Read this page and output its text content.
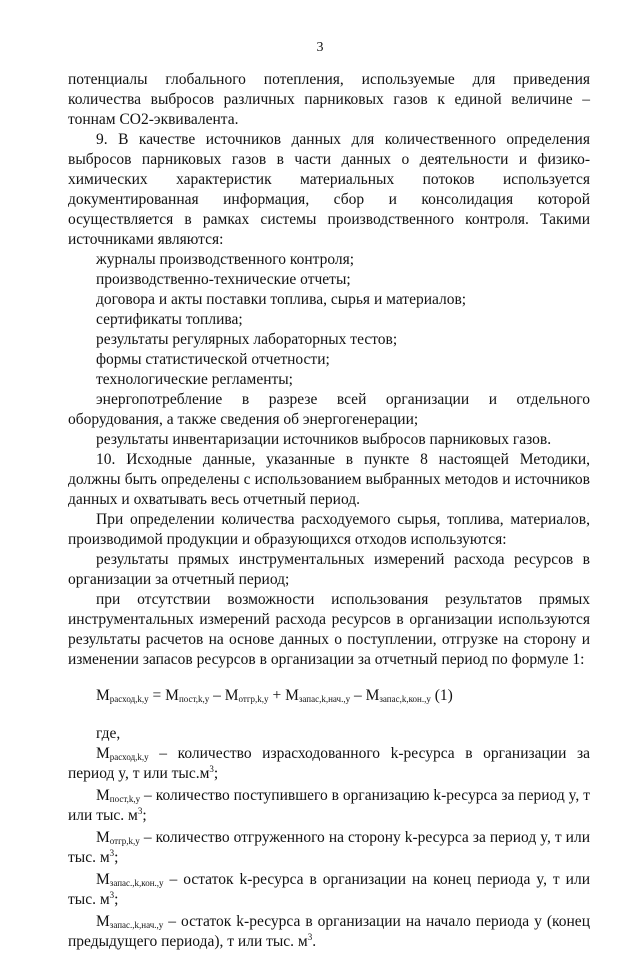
3

потенциалы глобального потепления, используемые для приведения количества выбросов различных парниковых газов к единой величине – тоннам CO2-эквивалента.

9. В качестве источников данных для количественного определения выбросов парниковых газов в части данных о деятельности и физико-химических характеристик материальных потоков используется документированная информация, сбор и консолидация которой осуществляется в рамках системы производственного контроля. Такими источниками являются:

журналы производственного контроля;

производственно-технические отчеты;

договора и акты поставки топлива, сырья и материалов;

сертификаты топлива;

результаты регулярных лабораторных тестов;

формы статистической отчетности;

технологические регламенты;

энергопотребление в разрезе всей организации и отдельного оборудования, а также сведения об энергогенерации;

результаты инвентаризации источников выбросов парниковых газов.

10. Исходные данные, указанные в пункте 8 настоящей Методики, должны быть определены с использованием выбранных методов и источников данных и охватывать весь отчетный период.

При определении количества расходуемого сырья, топлива, материалов, производимой продукции и образующихся отходов используются:

результаты прямых инструментальных измерений расхода ресурсов в организации за отчетный период;

при отсутствии возможности использования результатов прямых инструментальных измерений расхода ресурсов в организации используются результаты расчетов на основе данных о поступлении, отгрузке на сторону и изменении запасов ресурсов в организации за отчетный период по формуле 1:

$M_{расход,k,y} = M_{пост,k,y} - M_{отгр,k,y} + M_{запас,k,нач.,y} - M_{запас,k,кон.,y}$ (1)

где,

$M_{расход,k,y}$ – количество израсходованного k-ресурса в организации за период y, т или $тыс.м^3$;

$M_{пост,k,y}$ – количество поступившего в организацию k-ресурса за период y, т или тыс. $м^3$;

$M_{отгр,k,y}$ – количество отгруженного на сторону k-ресурса за период y, т или тыс. $м^3$;

$M_{запас.,k,кон.,y}$ – остаток k-ресурса в организации на конец периода y, т или тыс. $м^3$;

$M_{запас.,k,нач.,y}$ – остаток k-ресурса в организации на начало периода y (конец предыдущего периода), т или тыс. $м^3$.
